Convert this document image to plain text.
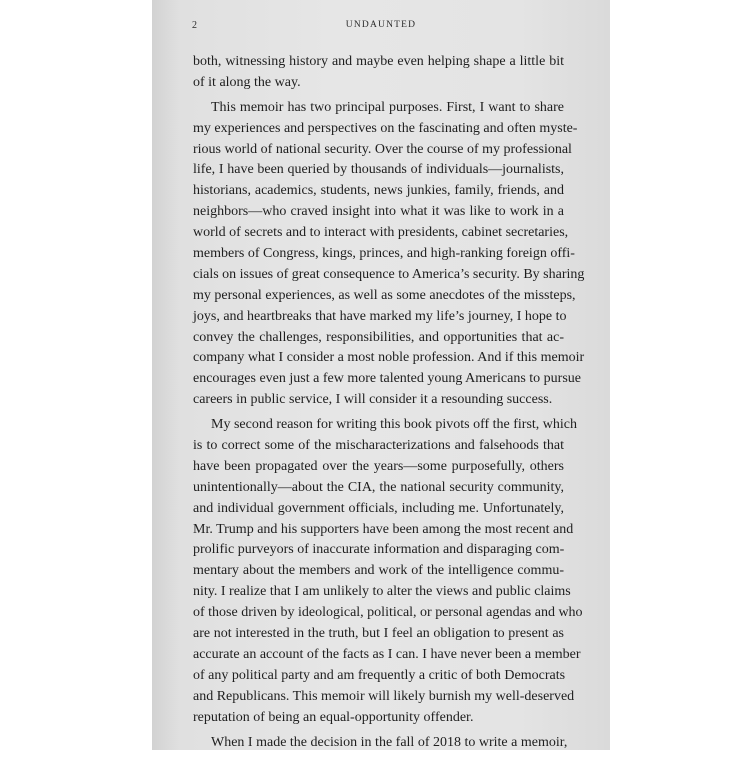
2	UNDAUNTED
both, witnessing history and maybe even helping shape a little bit
of it along the way.
This memoir has two principal purposes. First, I want to share
my experiences and perspectives on the fascinating and often myste-
rious world of national security. Over the course of my professional
life, I have been queried by thousands of individuals—journalists,
historians, academics, students, news junkies, family, friends, and
neighbors—who craved insight into what it was like to work in a
world of secrets and to interact with presidents, cabinet secretaries,
members of Congress, kings, princes, and high-ranking foreign offi-
cials on issues of great consequence to America’s security. By sharing
my personal experiences, as well as some anecdotes of the missteps,
joys, and heartbreaks that have marked my life’s journey, I hope to
convey the challenges, responsibilities, and opportunities that ac-
company what I consider a most noble profession. And if this memoir
encourages even just a few more talented young Americans to pursue
careers in public service, I will consider it a resounding success.
My second reason for writing this book pivots off the first, which
is to correct some of the mischaracterizations and falsehoods that
have been propagated over the years—some purposefully, others
unintentionally—about the CIA, the national security community,
and individual government officials, including me. Unfortunately,
Mr. Trump and his supporters have been among the most recent and
prolific purveyors of inaccurate information and disparaging com-
mentary about the members and work of the intelligence commu-
nity. I realize that I am unlikely to alter the views and public claims
of those driven by ideological, political, or personal agendas and who
are not interested in the truth, but I feel an obligation to present as
accurate an account of the facts as I can. I have never been a member
of any political party and am frequently a critic of both Democrats
and Republicans. This memoir will likely burnish my well-deserved
reputation of being an equal-opportunity offender.
When I made the decision in the fall of 2018 to write a memoir,
